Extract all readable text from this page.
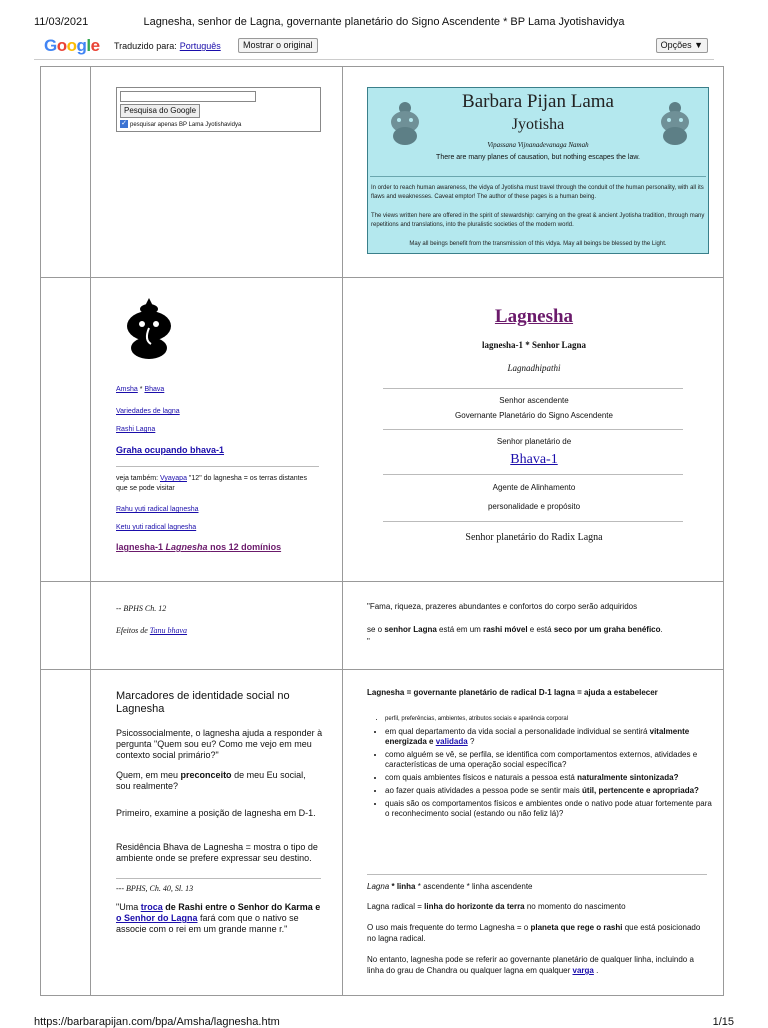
11/03/2021	Lagnesha, senhor de Lagna, governante planetário do Signo Ascendente * BP Lama Jyotishavidya
Google Traduzido para: Português	Mostrar o original	Opções ▼
Pesquisa do Google
✓ pesquisar apenas BP Lama Jyotishavidya
Barbara Pijan Lama
Jyotisha
Vipassana Vijnanadevanaga Namah
There are many planes of causation, but nothing escapes the law.
In order to reach human awareness, the vidya of Jyotisha must travel through the conduit of the human personality, with all its flaws and weaknesses. Caveat emptor! The author of these pages is a human being.
The views written here are offered in the spirit of stewardship: carrying on the great & ancient Jyotisha tradition, through many repetitions and translations, into the pluralistic societies of the modern world.
May all beings benefit from the transmission of this vidya. May all beings be blessed by the Light.
Amsha * Bhava
Variedades de lagna
Rashi Lagna
Graha ocupando bhava-1
veja também: Vyayapa "12" do lagnesha = os terras distantes que se pode visitar
Rahu yuti radical lagnesha
Ketu yuti radical lagnesha
lagnesha-1 Lagnesha nos 12 domínios
Lagnesha
lagnesha-1 * Senhor Lagna
Lagnadhipathi
Senhor ascendente
Governante Planetário do Signo Ascendente
Senhor planetário de
Bhava-1
Agente de Alinhamento
personalidade e propósito
Senhor planetário do Radix Lagna
-- BPHS Ch. 12
Efeitos de Tanu bhava
"Fama, riqueza, prazeres abundantes e confortos do corpo serão adquiridos
se o senhor Lagna está em um rashi móvel e está seco por um graha benéfico.
"
Marcadores de identidade social no Lagnesha
Psicossocialmente, o lagnesha ajuda a responder à pergunta "Quem sou eu? Como me vejo em meu contexto social primário?"
Quem, em meu preconceito de meu Eu social, sou realmente?
Primeiro, examine a posição de lagnesha em D-1.
Residência Bhava de Lagnesha = mostra o tipo de ambiente onde se prefere expressar seu destino.
--- BPHS, Ch. 40, Sl. 13
"Uma troca de Rashi entre o Senhor do Karma e o Senhor do Lagna fará com que o nativo se associe com o rei em um grande manne r."
Lagnesha = governante planetário de radical D-1 lagna = ajuda a estabelecer
• perfil, preferências, ambientes, atributos sociais e aparência corporal
• em qual departamento da vida social a personalidade individual se sentirá vitalmente energizada e validada ?
• como alguém se vê, se perfila, se identifica com comportamentos externos, atividades e características de uma operação social específica?
• com quais ambientes físicos e naturais a pessoa está naturalmente sintonizada?
• ao fazer quais atividades a pessoa pode se sentir mais útil, pertencente e apropriada?
• quais são os comportamentos físicos e ambientes onde o nativo pode atuar fortemente para o reconhecimento social (estando ou não feliz lá)?
Lagna * linha * ascendente * linha ascendente
Lagna radical = linha do horizonte da terra no momento do nascimento
O uso mais frequente do termo Lagnesha = o planeta que rege o rashi que está posicionado no lagna radical.
No entanto, lagnesha pode se referir ao governante planetário de qualquer linha, incluindo a linha do grau de Chandra ou qualquer lagna em qualquer varga .
https://barbarapijan.com/bpa/Amsha/lagnesha.htm	1/15
